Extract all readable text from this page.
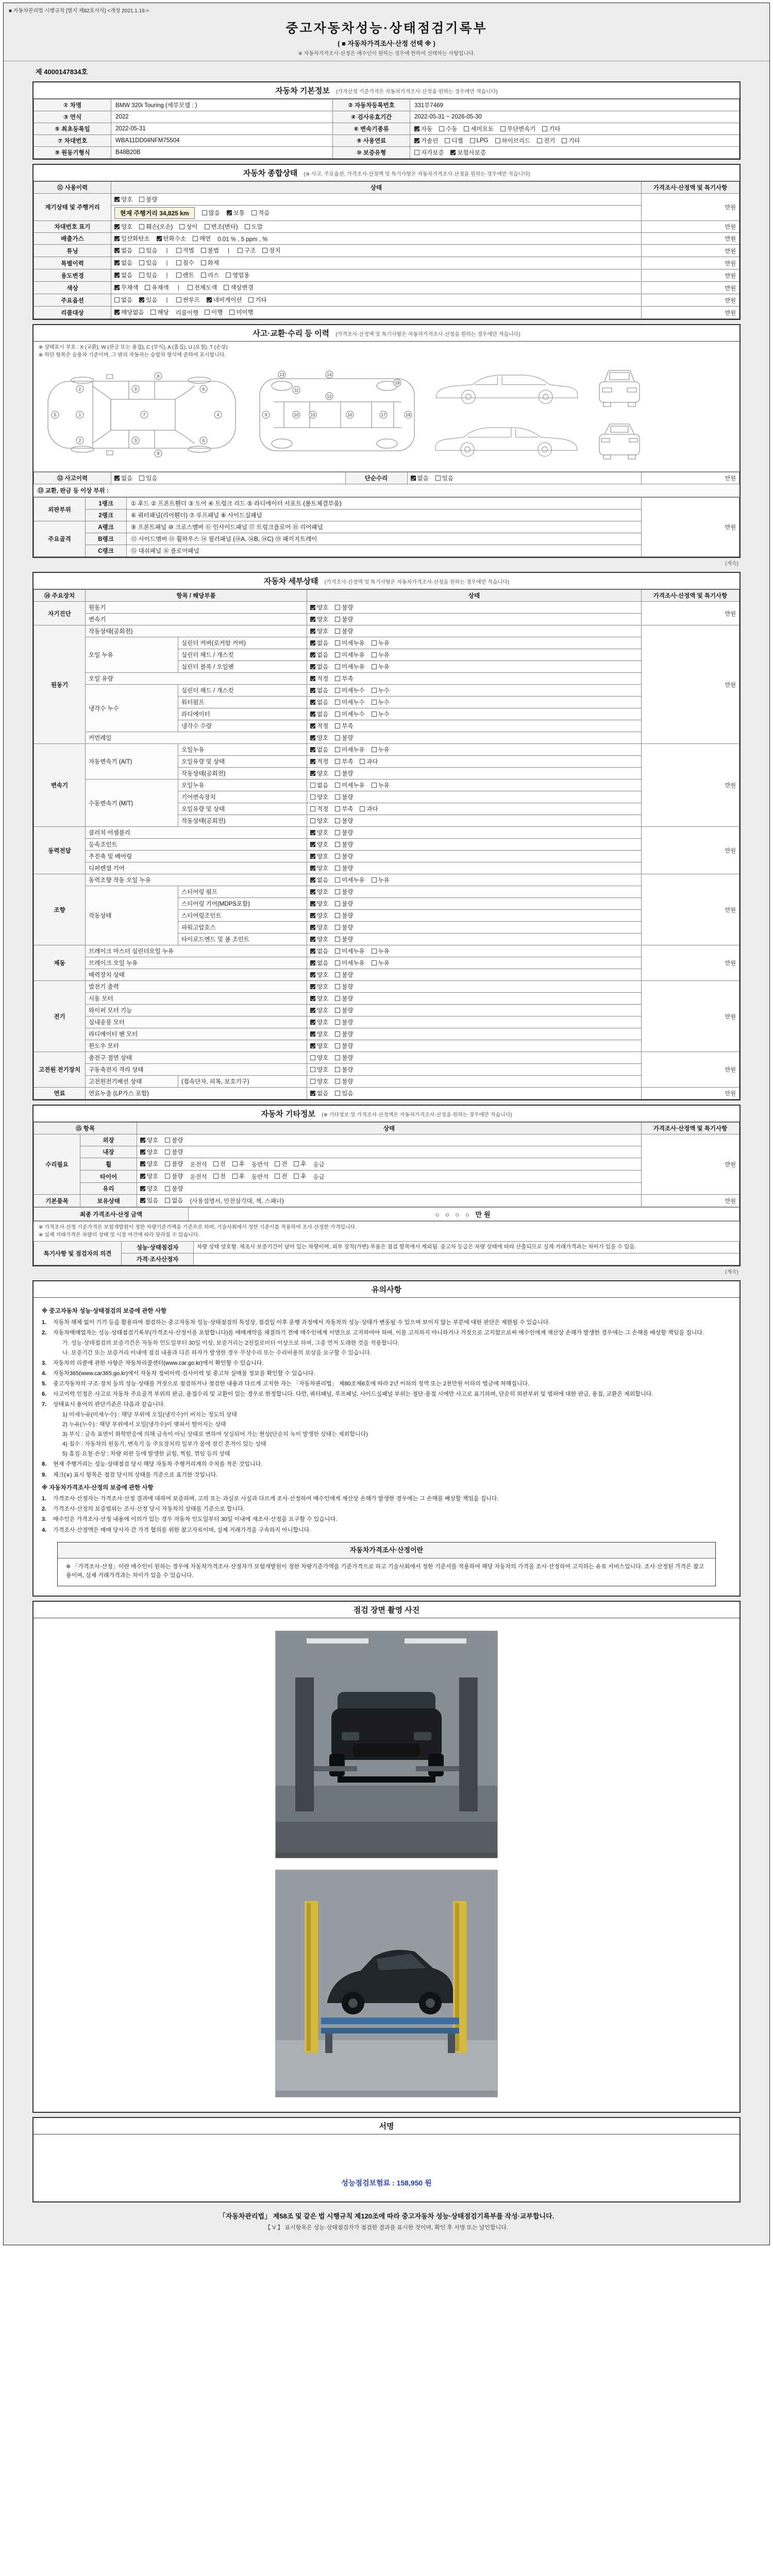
■ 자동차관리법 시행규칙 [별지 제82호서식] <개정 2021.1.19.>
중고자동차성능·상태점검기록부
( ■ 자동차가격조사·산정 선택 ※ )
※ 자동차가격조사·산정은 매수인이 원하는 경우에 한하여 선택하는 사항입니다.
제 4000147834호
자동차 기본정보 (가격산정 기준가격은 자동차가격조사·산정을 원하는 경우에만 적습니다)
① 차명	BMW 320i Touring (세부모델 : )	② 자동차등록번호	331부7469
③ 연식	2022	④ 검사유효기간	2022-05-31 ~ 2026-05-30
⑤ 최초등록일	2022-05-31	⑥ 변속기종류	자동 수동 세미오토 무단변속기 기타

⑦ 차대번호	WBA11DD04NFM75504	⑧ 사용연료	가솔린 디젤 LPG 하이브리드 전기 기타

⑨ 원동기형식	B48B20B	⑩ 보증유형	자가보증 보험사보증
자동차 종합상태 (※ 사고, 주요옵션, 가격조사·산정액 및 특기사항은 자동차가격조사·산정을 원하는 경우에만 적습니다)
⑪ 사용이력	상태	가격조사·산정액 및 특기사항
계기상태 및 주행거리	양호 불량	만원
	현재 주행거리 34,825 km 많음 보통 적음	

차대번호 표기	양호 훼손(오손) 상이 변조(변타) 도말	만원
배출가스	일산화탄소 탄화수소 매연 0.01 % , 5 ppm , %	만원
튜닝	없음 있음 ㅣ 적법 불법 ㅣ 구조 장치	만원
특별이력	없음 있음 ㅣ 침수 화재	만원
용도변경	없음 있음 ㅣ 렌트 리스 영업용	만원
색상	무채색 유채색 ㅣ 전체도색 색상변경	만원
주요옵션	없음 있음 ㅣ 썬루프 네비게이션 기타	만원
리콜대상	해당없음 해당 리콜이행 이행 미이행	만원
사고·교환·수리 등 이력 (가격조사·산정액 및 특기사항은 자동차가격조사·산정을 원하는 경우에만 적습니다)
※ 상태표시 부호 : X (교환), W (판금 또는 용접), C (부식), A (흠집), U (요철), T (손상)
※ 하단 항목은 승용차 기준이며, 그 밖의 자동차는 승합차 형식에 준하여 표시합니다.
5	1
2
2
7
3
3
8
8
6
6
4	9	10
11
12
13	14
15	16	17	18
19
⑫ 사고이력	없음 있음	단순수리	없음 있음	만원
⑬ 교환, 판금 등 이상 부위 :
외판부위	1랭크	① 후드 ② 프론트휀더 ③ 도어 ④ 트렁크 리드 ⑤ 라디에이터 서포트 (볼트체결부품)	만원
	2랭크	⑥ 쿼터패널(리어휀더) ⑦ 루프패널 ⑧ 사이드실패널	
주요골격	A랭크	⑨ 프론트패널 ⑩ 크로스멤버 ⑪ 인사이드패널 ⑰ 트렁크플로어 ⑱ 리어패널	
	B랭크	⑫ 사이드멤버 ⑬ 휠하우스 ⑭ 필러패널 (⑭A, ⑭B, ⑭C) ⑲ 패키지트레이	
	C랭크	⑮ 대쉬패널 ⑯ 플로어패널	
(계속)
자동차 세부상태 (가격조사·산정액 및 특기사항은 자동차가격조사·산정을 원하는 경우에만 적습니다)
⑭ 주요장치	항목 / 해당부품		상태	가격조사·산정액 및 특기사항
자기진단	원동기		양호 불량	만원
	변속기		양호 불량	

원동기	작동상태(공회전)		양호 불량	만원
	오일 누유	실린더 커버(로커암 커버)	없음 미세누유 누유	

		실린더 헤드 / 개스킷	없음 미세누유 누유	

		실린더 블록 / 오일팬	없음 미세누유 누유	

	오일 유량		적정 부족	

	냉각수 누수	실린더 헤드 / 개스킷	없음 미세누수 누수	

		워터펌프	없음 미세누수 누수	

		라디에이터	없음 미세누수 누수	

		냉각수 수량	적정 부족	

	커먼레일		양호 불량	

변속기	자동변속기 (A/T)	오일누유	없음 미세누유 누유	만원
		오일유량 및 상태	적정 부족 과다	

		작동상태(공회전)	양호 불량	

	수동변속기 (M/T)	오일누유	없음 미세누유 누유	

		기어변속장치	양호 불량	

		오일유량 및 상태	적정 부족 과다	

		작동상태(공회전)	양호 불량	

동력전달	클러치 어셈블리		양호 불량	만원
	등속조인트		양호 불량	

	추진축 및 베어링		양호 불량	

	디퍼렌셜 기어		양호 불량	

조향	동력조향 작동 오일 누유		없음 미세누유 누유	만원
	작동상태	스티어링 펌프	양호 불량	

		스티어링 기어(MDPS포함)	양호 불량	

		스티어링조인트	양호 불량	

		파워고압호스	양호 불량	

		타이로드엔드 및 볼 조인트	양호 불량	

제동	브레이크 마스터 실린더오일 누유		없음 미세누유 누유	만원
	브레이크 오일 누유		없음 미세누유 누유	

	배력장치 상태		양호 불량	

전기	발전기 출력		양호 불량	만원
	시동 모터		양호 불량	

	와이퍼 모터 기능		양호 불량	

	실내송풍 모터		양호 불량	

	라디에이터 팬 모터		양호 불량	

	윈도우 모터		양호 불량	

고전원 전기장치	충전구 절연 상태		양호 불량	만원
	구동축전지 격리 상태		양호 불량	

	고전원전기배선 상태	(접속단자, 피복, 보호기구)	양호 불량	

연료	연료누출 (LP가스 포함)		없음 있음	만원
자동차 기타정보 (※ 기타정보 및 가격조사·산정액은 자동차가격조사·산정을 원하는 경우에만 적습니다)
⑮ 항목		상태	가격조사·산정액 및 특기사항
수리필요	외장	양호 불량	만원
	내장	양호 불량	

휠	양호 불량 운전석 전 후 동반석 전 후 응급
타이어	양호 불량 운전석 전 후 동반석 전 후 응급
	유리	양호 불량	

기본품목	보유상태	있음 없음 (사용설명서, 안전삼각대, 잭, 스패너)	만원
최종 가격조사·산정 금액	○ ○ ○ ○ 만원
※ 가격조사·산정 기준가격은 보험개발원이 정한 차량기준가액을 기준으로 하며, 기술사회에서 정한 기준서를 적용하여 조사·산정한 가격입니다.
※ 실제 거래가격은 차량의 상태 및 시장 여건에 따라 달라질 수 있습니다.
특기사항 및 점검자의 의견	성능·상태점검자	차량 상태 양호함. 제조사 보증기간이 남아 있는 차량이며, 외부 장착(가변) 부품은 점검 항목에서 제외됨. 중고차 등급은 차량 상태에 따라 산출되므로 실제 거래가격과는 차이가 있을 수 있음.
	가격·조사산정자	
(계속)
유의사항
※ 중고자동차 성능·상태점검의 보증에 관한 사항
1.	자동차 해체 없이 기기 등을 활용하여 점검하는 중고자동차 성능·상태점검의 특성상, 점검일 이후 운행 과정에서 자동차의 성능·상태가 변동될 수 있으며 보이지 않는 부분에 대한 판단은 제한될 수 있습니다.
2.	자동차매매업자는 성능·상태점검기록부(가격조사·산정서를 포함합니다)를 매매계약을 체결하기 전에 매수인에게 서면으로 고지하여야 하며, 이를 고지하지 아니하거나 거짓으로 고지함으로써 매수인에게 재산상 손해가 발생한 경우에는 그 손해를 배상할 책임을 집니다.
가. 성능·상태점검의 보증기간은 자동차 인도일부터 30일 이상, 보증거리는 2천킬로미터 이상으로 하며, 그중 먼저 도래한 것을 적용합니다.
나. 보증기간 또는 보증거리 이내에 점검 내용과 다른 하자가 발생한 경우 무상수리 또는 수리비용의 보상을 요구할 수 있습니다.
3.	자동차의 리콜에 관한 사항은 자동차리콜센터(www.car.go.kr)에서 확인할 수 있습니다.
4.	자동차365(www.car365.go.kr)에서 자동차 정비이력·검사이력 및 중고차 실매물 정보를 확인할 수 있습니다.
5.	중고자동차의 구조·장치 등의 성능·상태를 거짓으로 점검하거나 점검한 내용과 다르게 고지한 자는 「자동차관리법」 제80조제6호에 따라 2년 이하의 징역 또는 2천만원 이하의 벌금에 처해집니다.
6.	사고이력 인정은 사고로 자동차 주요골격 부위의 판금, 용접수리 및 교환이 있는 경우로 한정합니다. 다만, 쿼터패널, 루프패널, 사이드실패널 부위는 절단·용접 시에만 사고로 표기하며, 단순히 외판부위 및 범퍼에 대한 판금, 용접, 교환은 제외합니다.
7.	상태표시 용어의 판단기준은 다음과 같습니다.
1) 미세누유(미세누수) : 해당 부위에 오일(냉각수)이 비치는 정도의 상태
2) 누유(누수) : 해당 부위에서 오일(냉각수)이 맺혀서 떨어지는 상태
3) 부식 : 금속 표면이 화학반응에 의해 금속이 아닌 상태로 변하여 상실되어 가는 현상(단순히 녹이 발생한 상태는 제외합니다)
4) 침수 : 자동차의 원동기, 변속기 등 주요장치의 일부가 물에 잠긴 흔적이 있는 상태
5) 흠집·요철·손상 : 차량 외판 등에 발생한 긁힘, 찍힘, 꺾임 등의 상태
8.	현재 주행거리는 성능·상태점검 당시 해당 자동차 주행거리계의 수치를 적은 것입니다.
9.	체크(∨) 표시 항목은 점검 당시의 상태를 기준으로 표기한 것입니다.
※ 자동차가격조사·산정의 보증에 관한 사항
1.	가격조사·산정자는 가격조사·산정 결과에 대하여 보증하며, 고의 또는 과실로 사실과 다르게 조사·산정하여 매수인에게 재산상 손해가 발생한 경우에는 그 손해를 배상할 책임을 집니다.
2.	가격조사·산정의 보증범위는 조사·산정 당시 자동차의 상태를 기준으로 합니다.
3.	매수인은 가격조사·산정 내용에 이의가 있는 경우 자동차 인도일부터 30일 이내에 재조사·산정을 요구할 수 있습니다.
4.	가격조사·산정액은 매매 당사자 간 가격 협의를 위한 참고자료이며, 실제 거래가격을 구속하지 아니합니다.
자동차가격조사·산정이란
※ 「가격조사·산정」이란 매수인이 원하는 경우에 자동차가격조사·산정자가 보험개발원이 정한 차량기준가액을 기준가격으로 하고 기술사회에서 정한 기준서를 적용하여 해당 자동차의 가격을 조사·산정하여 고지하는 유료 서비스입니다. 조사·산정된 가격은 참고용이며, 실제 거래가격과는 차이가 있을 수 있습니다.
점검 장면 촬영 사진
서명
성능점검보험료 : 158,950 원
「자동차관리법」 제58조 및 같은 법 시행규칙 제120조에 따라 중고자동차 성능·상태점검기록부를 작성·교부합니다.
【 V 】 표시항목은 성능·상태점검자가 점검한 결과를 표시한 것이며, 확인 후 서명 또는 날인합니다.
